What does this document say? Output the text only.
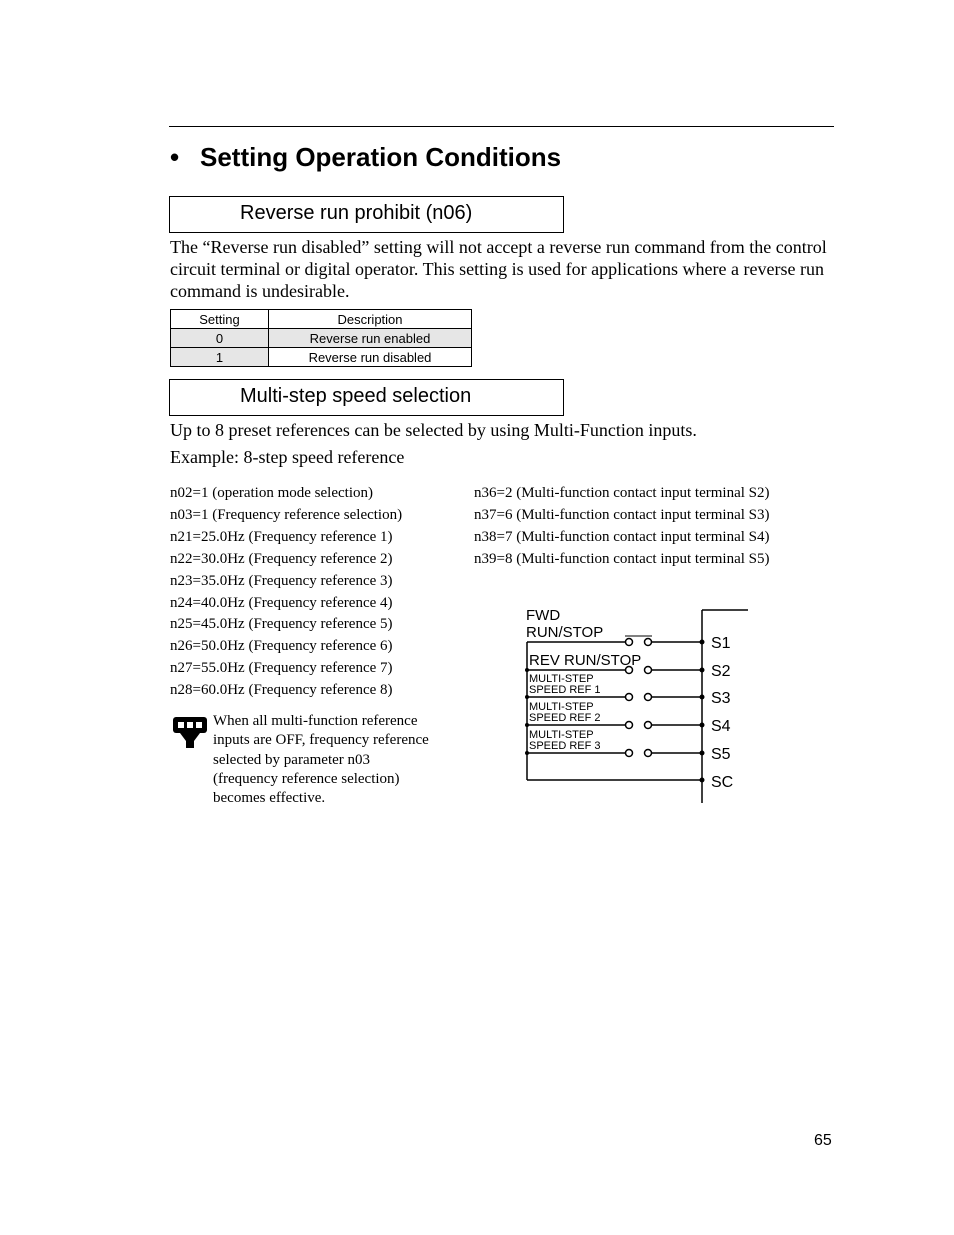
• Setting Operation Conditions
Reverse run prohibit (n06)
The “Reverse run disabled” setting will not accept a reverse run command from the control circuit terminal or digital operator. This setting is used for applications where a reverse run command is undesirable.
Setting	Description
0	Reverse run enabled
1	Reverse run disabled
Multi-step speed selection
Up to 8 preset references can be selected by using Multi-Function inputs.
Example: 8-step speed reference
n02=1 (operation mode selection)
n03=1 (Frequency reference selection)
n21=25.0Hz (Frequency reference 1)
n22=30.0Hz (Frequency reference 2)
n23=35.0Hz (Frequency reference 3)
n24=40.0Hz (Frequency reference 4)
n25=45.0Hz (Frequency reference 5)
n26=50.0Hz (Frequency reference 6)
n27=55.0Hz (Frequency reference 7)
n28=60.0Hz (Frequency reference 8)
n36=2 (Multi-function contact input terminal S2)
n37=6 (Multi-function contact input terminal S3)
n38=7 (Multi-function contact input terminal S4)
n39=8 (Multi-function contact input terminal S5)
When all multi-function reference
inputs are OFF, frequency reference
selected by parameter n03
(frequency reference selection)
becomes effective.
FWD
RUN/STOP
REV RUN/STOP
MULTI-STEP
SPEED REF 1
MULTI-STEP
SPEED REF 2
MULTI-STEP
SPEED REF 3
S1
S2
S3
S4
S5
SC
65
